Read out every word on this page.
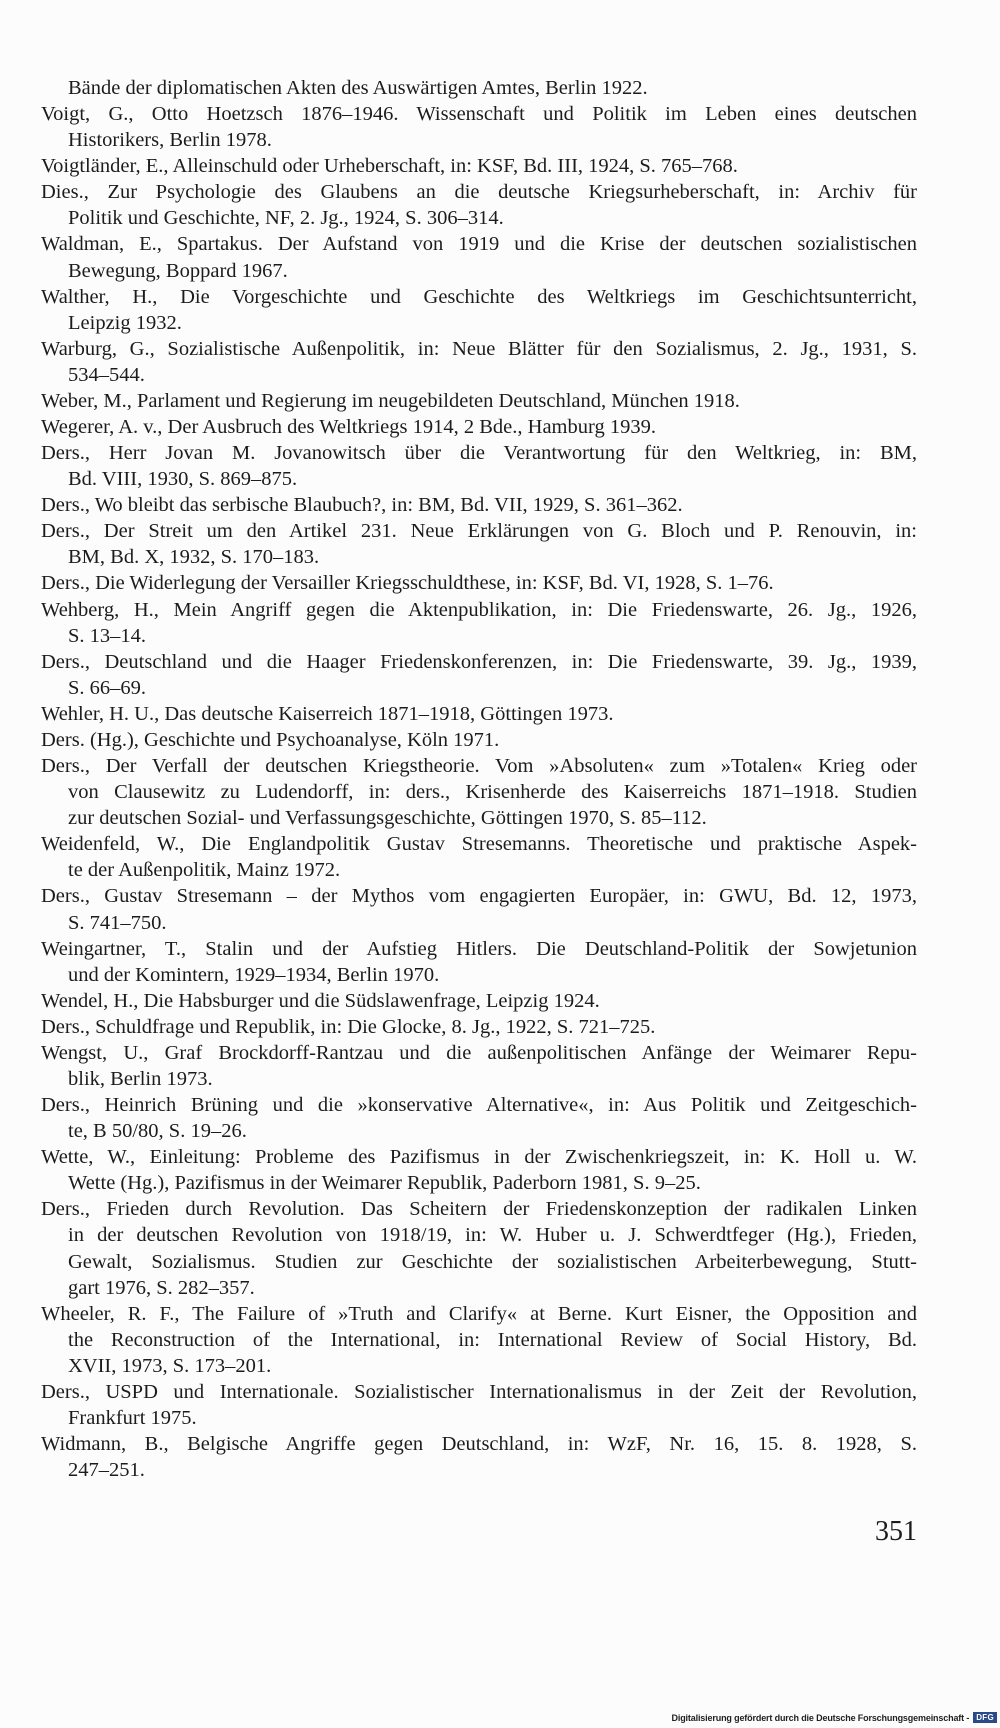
Bände der diplomatischen Akten des Auswärtigen Amtes, Berlin 1922.
Voigt, G., Otto Hoetzsch 1876–1946. Wissenschaft und Politik im Leben eines deutschen
Historikers, Berlin 1978.
Voigtländer, E., Alleinschuld oder Urheberschaft, in: KSF, Bd. III, 1924, S. 765–768.
Dies., Zur Psychologie des Glaubens an die deutsche Kriegsurheberschaft, in: Archiv für
Politik und Geschichte, NF, 2. Jg., 1924, S. 306–314.
Waldman, E., Spartakus. Der Aufstand von 1919 und die Krise der deutschen sozialistischen
Bewegung, Boppard 1967.
Walther, H., Die Vorgeschichte und Geschichte des Weltkriegs im Geschichtsunterricht,
Leipzig 1932.
Warburg, G., Sozialistische Außenpolitik, in: Neue Blätter für den Sozialismus, 2. Jg., 1931, S.
534–544.
Weber, M., Parlament und Regierung im neugebildeten Deutschland, München 1918.
Wegerer, A. v., Der Ausbruch des Weltkriegs 1914, 2 Bde., Hamburg 1939.
Ders., Herr Jovan M. Jovanowitsch über die Verantwortung für den Weltkrieg, in: BM,
Bd. VIII, 1930, S. 869–875.
Ders., Wo bleibt das serbische Blaubuch?, in: BM, Bd. VII, 1929, S. 361–362.
Ders., Der Streit um den Artikel 231. Neue Erklärungen von G. Bloch und P. Renouvin, in:
BM, Bd. X, 1932, S. 170–183.
Ders., Die Widerlegung der Versailler Kriegsschuldthese, in: KSF, Bd. VI, 1928, S. 1–76.
Wehberg, H., Mein Angriff gegen die Aktenpublikation, in: Die Friedenswarte, 26. Jg., 1926,
S. 13–14.
Ders., Deutschland und die Haager Friedenskonferenzen, in: Die Friedenswarte, 39. Jg., 1939,
S. 66–69.
Wehler, H. U., Das deutsche Kaiserreich 1871–1918, Göttingen 1973.
Ders. (Hg.), Geschichte und Psychoanalyse, Köln 1971.
Ders., Der Verfall der deutschen Kriegstheorie. Vom »Absoluten« zum »Totalen« Krieg oder
von Clausewitz zu Ludendorff, in: ders., Krisenherde des Kaiserreichs 1871–1918. Studien
zur deutschen Sozial- und Verfassungsgeschichte, Göttingen 1970, S. 85–112.
Weidenfeld, W., Die Englandpolitik Gustav Stresemanns. Theoretische und praktische Aspek-
te der Außenpolitik, Mainz 1972.
Ders., Gustav Stresemann – der Mythos vom engagierten Europäer, in: GWU, Bd. 12, 1973,
S. 741–750.
Weingartner, T., Stalin und der Aufstieg Hitlers. Die Deutschland-Politik der Sowjetunion
und der Komintern, 1929–1934, Berlin 1970.
Wendel, H., Die Habsburger und die Südslawenfrage, Leipzig 1924.
Ders., Schuldfrage und Republik, in: Die Glocke, 8. Jg., 1922, S. 721–725.
Wengst, U., Graf Brockdorff-Rantzau und die außenpolitischen Anfänge der Weimarer Repu-
blik, Berlin 1973.
Ders., Heinrich Brüning und die »konservative Alternative«, in: Aus Politik und Zeitgeschich-
te, B 50/80, S. 19–26.
Wette, W., Einleitung: Probleme des Pazifismus in der Zwischenkriegszeit, in: K. Holl u. W.
Wette (Hg.), Pazifismus in der Weimarer Republik, Paderborn 1981, S. 9–25.
Ders., Frieden durch Revolution. Das Scheitern der Friedenskonzeption der radikalen Linken
in der deutschen Revolution von 1918/19, in: W. Huber u. J. Schwerdtfeger (Hg.), Frieden,
Gewalt, Sozialismus. Studien zur Geschichte der sozialistischen Arbeiterbewegung, Stutt-
gart 1976, S. 282–357.
Wheeler, R. F., The Failure of »Truth and Clarify« at Berne. Kurt Eisner, the Opposition and
the Reconstruction of the International, in: International Review of Social History, Bd.
XVII, 1973, S. 173–201.
Ders., USPD und Internationale. Sozialistischer Internationalismus in der Zeit der Revolution,
Frankfurt 1975.
Widmann, B., Belgische Angriffe gegen Deutschland, in: WzF, Nr. 16, 15. 8. 1928, S.
247–251.
351
Digitalisierung gefördert durch die Deutsche Forschungsgemeinschaft - DFG
